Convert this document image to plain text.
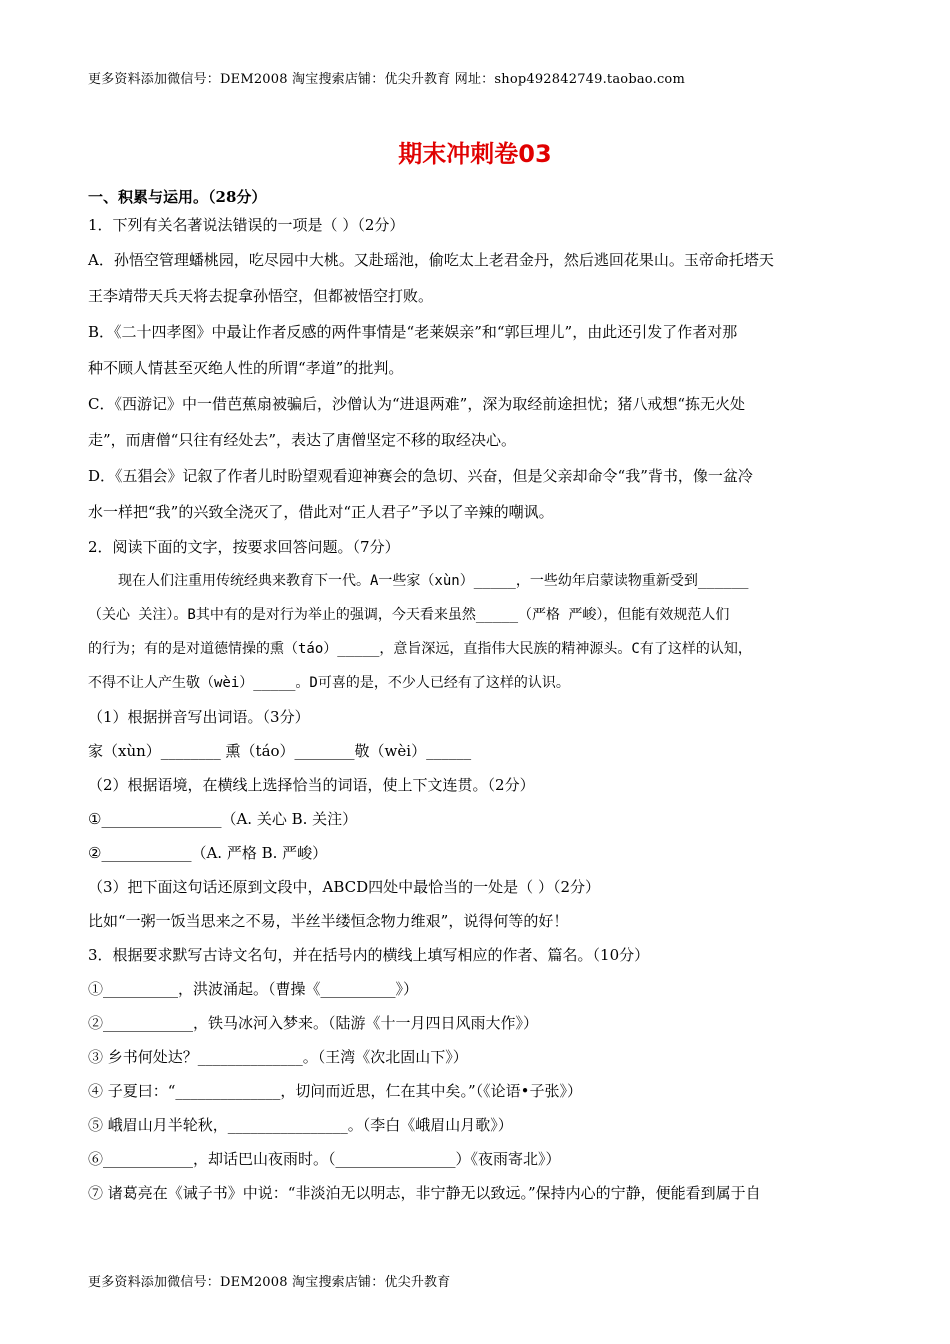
更多资料添加微信号：DEM2008 淘宝搜索店铺：优尖升教育 网址：shop492842749.taobao.com
期末冲刺卷03

一、积累与运用。（28分）

1．下列有关名著说法错误的一项是（ ）（2分）

A．孙悟空管理蟠桃园，吃尽园中大桃。又赴瑶池，偷吃太上老君金丹，然后逃回花果山。玉帝命托塔天

王李靖带天兵天将去捉拿孙悟空，但都被悟空打败。

B．《二十四孝图》中最让作者反感的两件事情是“老莱娱亲”和“郭巨埋儿”，由此还引发了作者对那

种不顾人情甚至灭绝人性的所谓“孝道”的批判。

C．《西游记》中一借芭蕉扇被骗后，沙僧认为“进退两难”，深为取经前途担忧；猪八戒想“拣无火处

走”，而唐僧“只往有经处去”，表达了唐僧坚定不移的取经决心。

D．《五猖会》记叙了作者儿时盼望观看迎神赛会的急切、兴奋，但是父亲却命令“我”背书，像一盆冷

水一样把“我”的兴致全浇灭了，借此对“正人君子”予以了辛辣的嘲讽。

2．阅读下面的文字，按要求回答问题。（7分）

现在人们注重用传统经典来教育下一代。A一些家（xùn）_____，一些幼年启蒙读物重新受到______

（关心 关注）。B其中有的是对行为举止的强调，今天看来虽然_____（严格 严峻），但能有效规范人们

的行为；有的是对道德情操的熏（táo）_____，意旨深远，直指伟大民族的精神源头。C有了这样的认知，

不得不让人产生敬（wèi）_____。D可喜的是，不少人已经有了这样的认识。

（1）根据拼音写出词语。（3分）

家（xùn）________ 熏（táo）________敬（wèi）______

（2）根据语境，在横线上选择恰当的词语，使上下文连贯。（2分）

①________________（A. 关心 B. 关注）

②____________（A. 严格 B. 严峻）

（3）把下面这句话还原到文段中，ABCD四处中最恰当的一处是（ ）（2分）

比如“一粥一饭当思来之不易，半丝半缕恒念物力维艰”，说得何等的好！

3．根据要求默写古诗文名句，并在括号内的横线上填写相应的作者、篇名。（10分）

①__________，洪波涌起。（曹操《__________》）

②____________，铁马冰河入梦来。（陆游《十一月四日风雨大作》）

③ 乡书何处达？______________。（王湾《次北固山下》）

④ 子夏曰：“______________，切问而近思，仁在其中矣。”（《论语•子张》）

⑤ 峨眉山月半轮秋，________________。（李白《峨眉山月歌》）

⑥____________，却话巴山夜雨时。（________________）《夜雨寄北》）

⑦ 诸葛亮在《诫子书》中说：“非淡泊无以明志，非宁静无以致远。”保持内心的宁静，便能看到属于自

更多资料添加微信号：DEM2008 淘宝搜索店铺：优尖升教育
